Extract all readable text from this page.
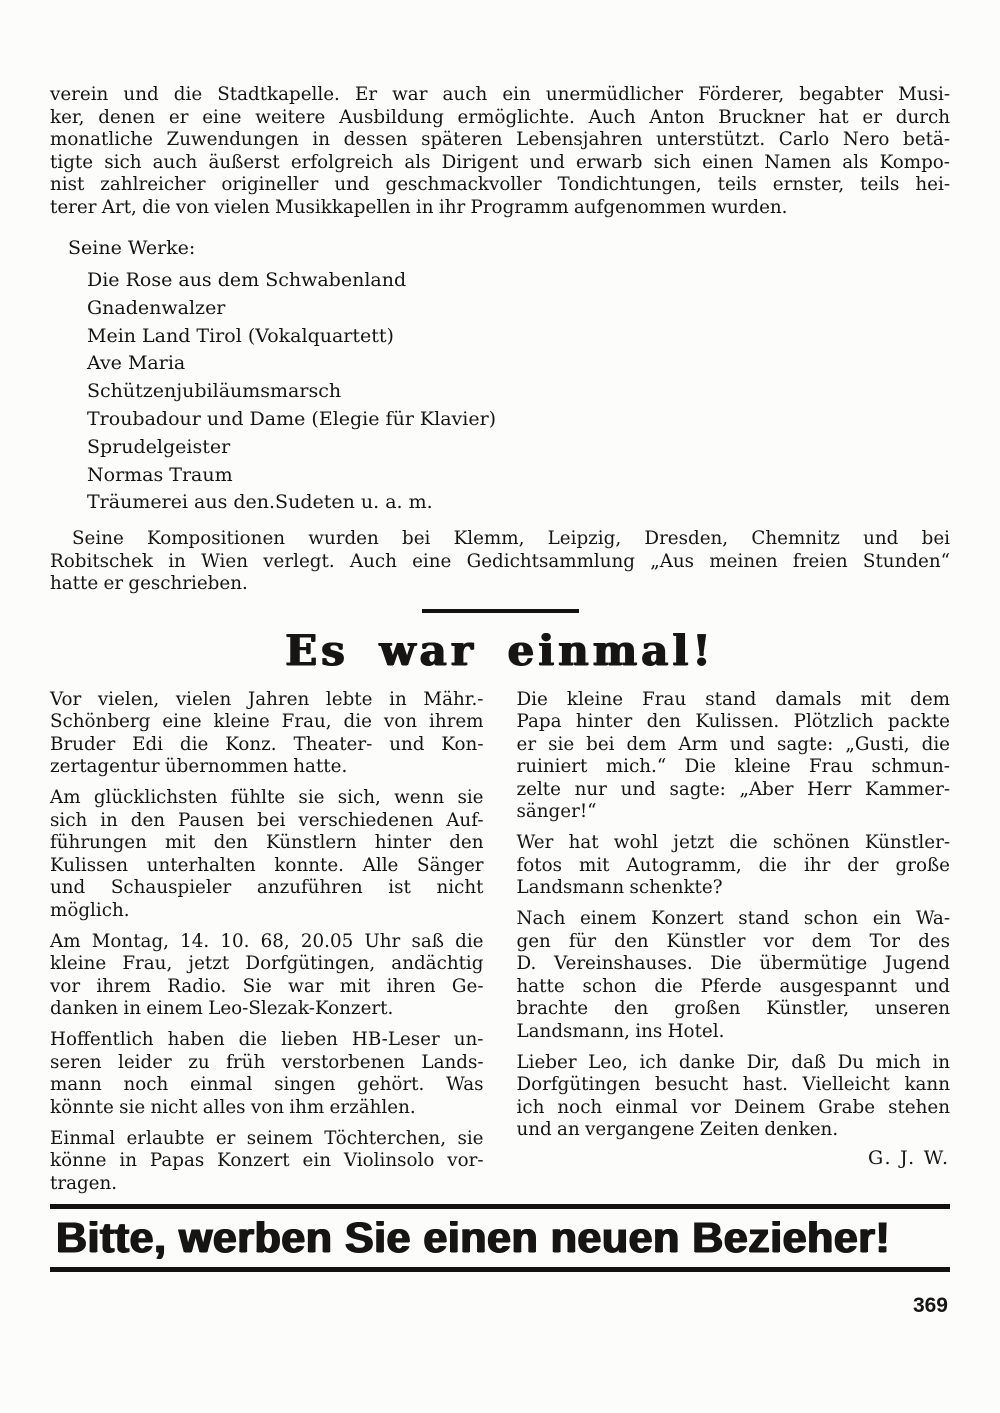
verein und die Stadtkapelle. Er war auch ein unermüdlicher Förderer, begabter Musi-
ker, denen er eine weitere Ausbildung ermöglichte. Auch Anton Bruckner hat er durch
monatliche Zuwendungen in dessen späteren Lebensjahren unterstützt. Carlo Nero betä-
tigte sich auch äußerst erfolgreich als Dirigent und erwarb sich einen Namen als Kompo-
nist zahlreicher origineller und geschmackvoller Tondichtungen, teils ernster, teils hei-
terer Art, die von vielen Musikkapellen in ihr Programm aufgenommen wurden.
Seine Werke:
Die Rose aus dem Schwabenland
Gnadenwalzer
Mein Land Tirol (Vokalquartett)
Ave Maria
Schützenjubiläumsmarsch
Troubadour und Dame (Elegie für Klavier)
Sprudelgeister
Normas Traum
Träumerei aus den.Sudeten u. a. m.
Seine Kompositionen wurden bei Klemm, Leipzig, Dresden, Chemnitz und bei
Robitschek in Wien verlegt. Auch eine Gedichtsammlung „Aus meinen freien Stunden“
hatte er geschrieben.
Es war einmal!
Vor vielen, vielen Jahren lebte in Mähr.-
Schönberg eine kleine Frau, die von ihrem
Bruder Edi die Konz. Theater- und Kon-
zertagentur übernommen hatte.
Am glücklichsten fühlte sie sich, wenn sie
sich in den Pausen bei verschiedenen Auf-
führungen mit den Künstlern hinter den
Kulissen unterhalten konnte. Alle Sänger
und Schauspieler anzuführen ist nicht
möglich.
Am Montag, 14. 10. 68, 20.05 Uhr saß die
kleine Frau, jetzt Dorfgütingen, andächtig
vor ihrem Radio. Sie war mit ihren Ge-
danken in einem Leo-Slezak-Konzert.
Hoffentlich haben die lieben HB-Leser un-
seren leider zu früh verstorbenen Lands-
mann noch einmal singen gehört. Was
könnte sie nicht alles von ihm erzählen.
Einmal erlaubte er seinem Töchterchen, sie
könne in Papas Konzert ein Violinsolo vor-
tragen.
Die kleine Frau stand damals mit dem
Papa hinter den Kulissen. Plötzlich packte
er sie bei dem Arm und sagte: „Gusti, die
ruiniert mich.“ Die kleine Frau schmun-
zelte nur und sagte: „Aber Herr Kammer-
sänger!“
Wer hat wohl jetzt die schönen Künstler-
fotos mit Autogramm, die ihr der große
Landsmann schenkte?
Nach einem Konzert stand schon ein Wa-
gen für den Künstler vor dem Tor des
D. Vereinshauses. Die übermütige Jugend
hatte schon die Pferde ausgespannt und
brachte den großen Künstler, unseren
Landsmann, ins Hotel.
Lieber Leo, ich danke Dir, daß Du mich in
Dorfgütingen besucht hast. Vielleicht kann
ich noch einmal vor Deinem Grabe stehen
und an vergangene Zeiten denken.
G. J. W.
Bitte, werben Sie einen neuen Bezieher!
369
